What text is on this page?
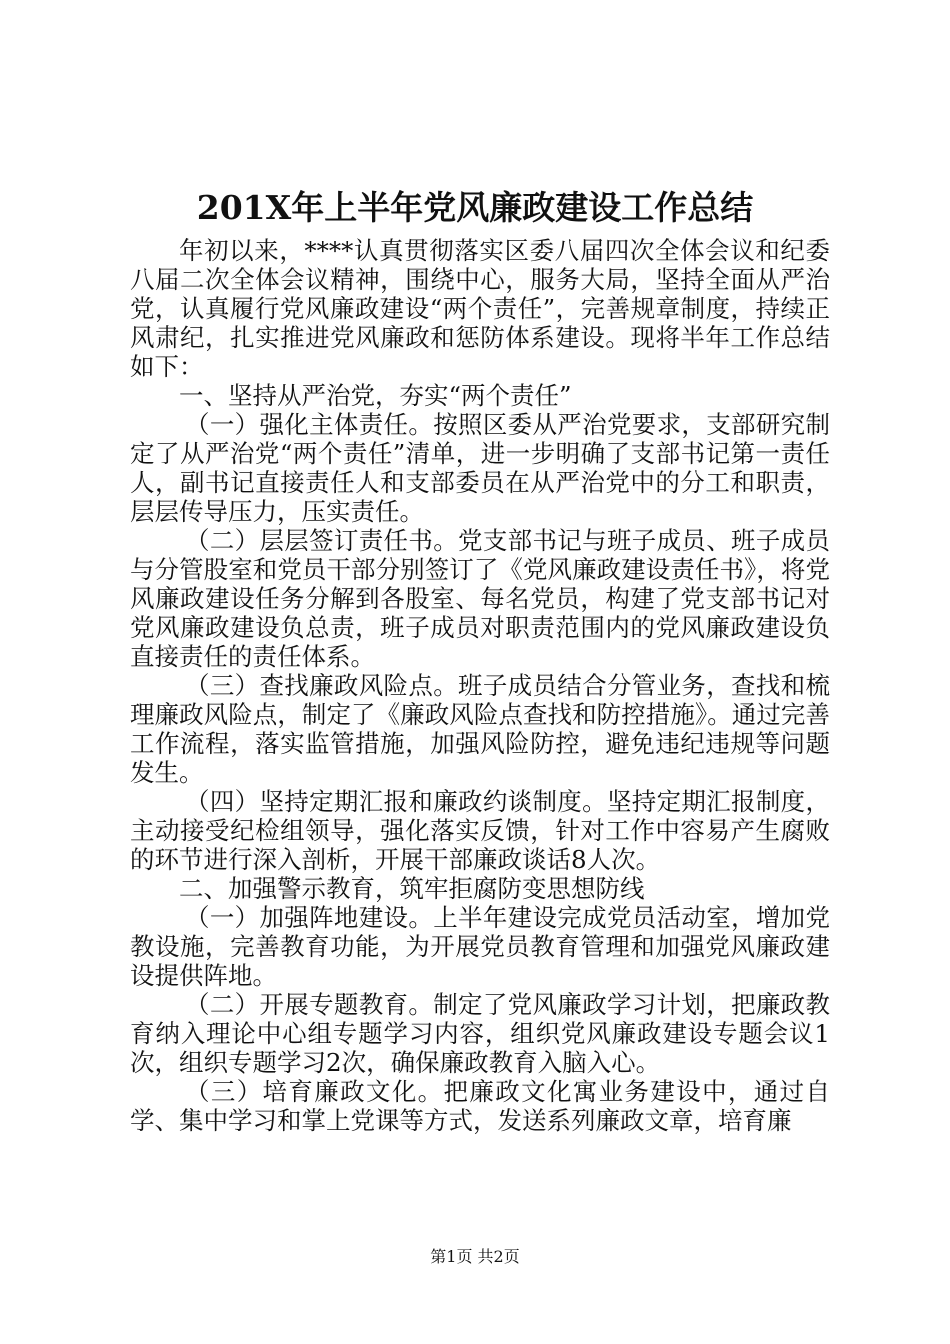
201X年上半年党风廉政建设工作总结

年初以来，****认真贯彻落实区委八届四次全体会议和纪委八届二次全体会议精神，围绕中心，服务大局，坚持全面从严治党，认真履行党风廉政建设“两个责任”，完善规章制度，持续正风肃纪，扎实推进党风廉政和惩防体系建设。现将半年工作总结如下：

一、坚持从严治党，夯实“两个责任”

（一）强化主体责任。按照区委从严治党要求，支部研究制定了从严治党“两个责任”清单，进一步明确了支部书记第一责任人，副书记直接责任人和支部委员在从严治党中的分工和职责，层层传导压力，压实责任。

（二）层层签订责任书。党支部书记与班子成员、班子成员与分管股室和党员干部分别签订了《党风廉政建设责任书》，将党风廉政建设任务分解到各股室、每名党员，构建了党支部书记对党风廉政建设负总责，班子成员对职责范围内的党风廉政建设负直接责任的责任体系。

（三）查找廉政风险点。班子成员结合分管业务，查找和梳理廉政风险点，制定了《廉政风险点查找和防控措施》。通过完善工作流程，落实监管措施，加强风险防控，避免违纪违规等问题发生。

（四）坚持定期汇报和廉政约谈制度。坚持定期汇报制度，主动接受纪检组领导，强化落实反馈，针对工作中容易产生腐败的环节进行深入剖析，开展干部廉政谈话8人次。

二、加强警示教育，筑牢拒腐防变思想防线

（一）加强阵地建设。上半年建设完成党员活动室，增加党教设施，完善教育功能，为开展党员教育管理和加强党风廉政建设提供阵地。

（二）开展专题教育。制定了党风廉政学习计划，把廉政教育纳入理论中心组专题学习内容，组织党风廉政建设专题会议1次，组织专题学习2次，确保廉政教育入脑入心。

（三）培育廉政文化。把廉政文化寓业务建设中，通过自学、集中学习和掌上党课等方式，发送系列廉政文章，培育廉

第1页 共2页
